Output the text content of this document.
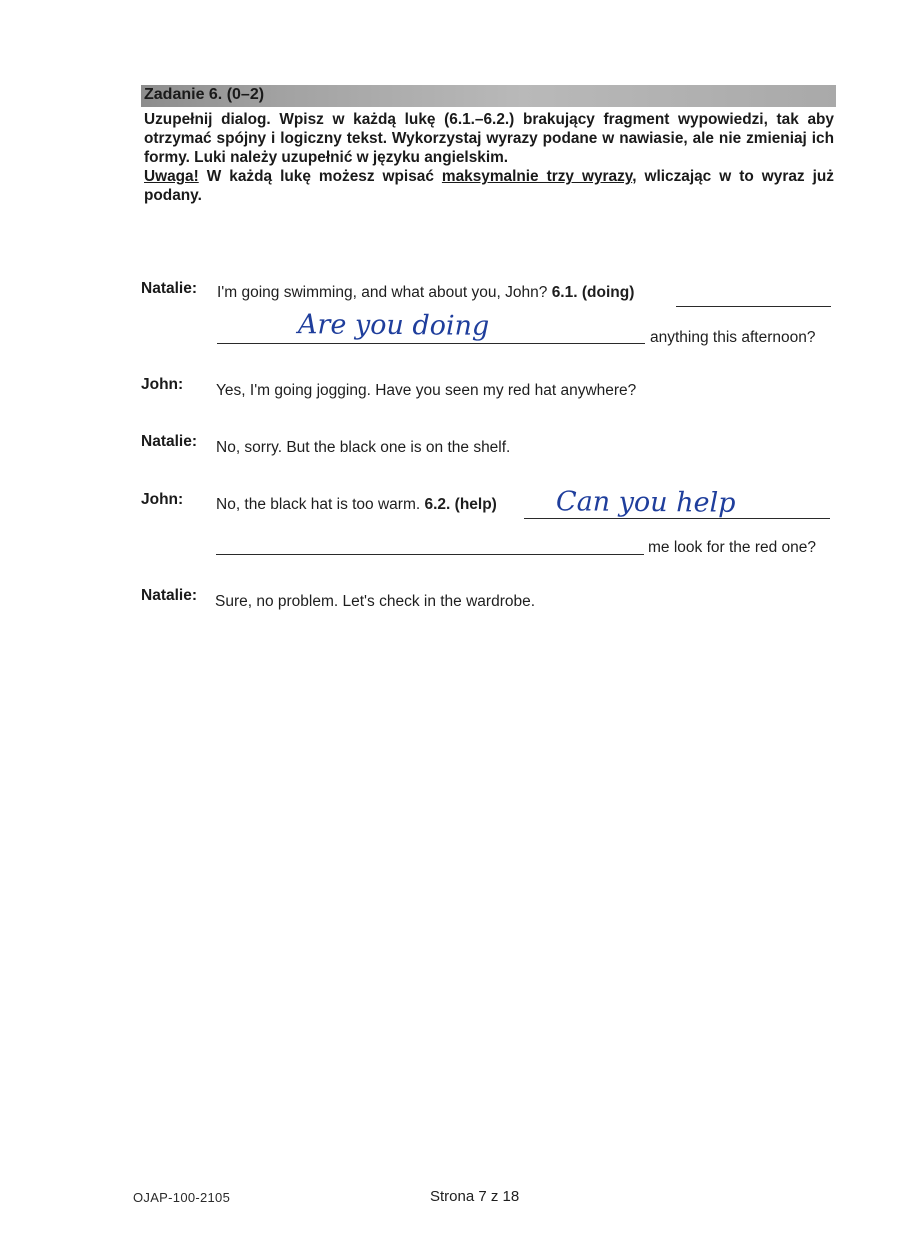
Zadanie 6. (0–2)

Uzupełnij dialog. Wpisz w każdą lukę (6.1.–6.2.) brakujący fragment wypowiedzi, tak aby otrzymać spójny i logiczny tekst. Wykorzystaj wyrazy podane w nawiasie, ale nie zmieniaj ich formy. Luki należy uzupełnić w języku angielskim.

Uwaga! W każdą lukę możesz wpisać maksymalnie trzy wyrazy, wliczając w to wyraz już podany.

Natalie:	I'm going swimming, and what about you, John? 6.1. (doing)
Are you doing	anything this afternoon?
John:	Yes, I'm going jogging. Have you seen my red hat anywhere?
Natalie:	No, sorry. But the black one is on the shelf.
John:	No, the black hat is too warm. 6.2. (help) Can you help
me look for the red one?
Natalie:	Sure, no problem. Let's check in the wardrobe.
OJAP-100-2105	Strona 7 z 18
